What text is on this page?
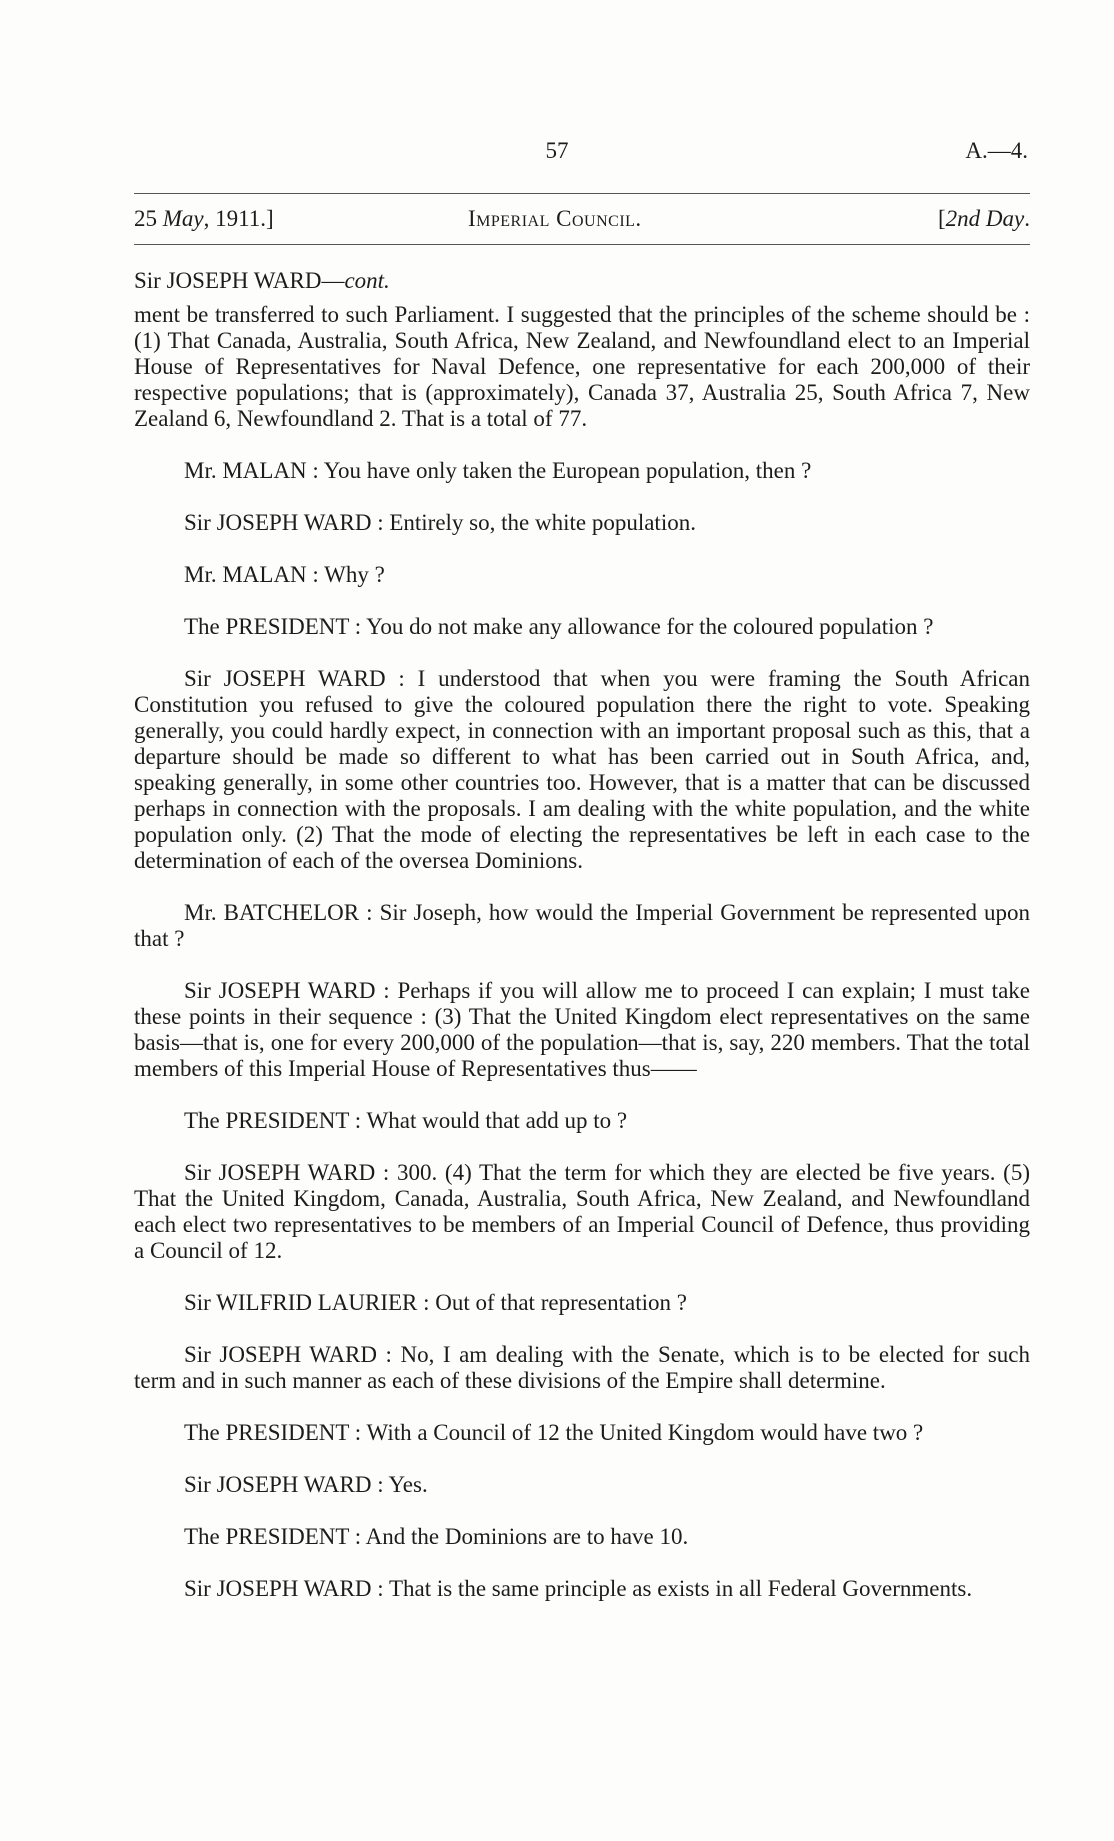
57	A.—4.
25 May, 1911.]	Imperial Council.	[2nd Day.
Sir JOSEPH WARD—cont.

ment be transferred to such Parliament. I suggested that the principles of the scheme should be : (1) That Canada, Australia, South Africa, New Zealand, and Newfoundland elect to an Imperial House of Representatives for Naval Defence, one representative for each 200,000 of their respective populations; that is (approximately), Canada 37, Australia 25, South Africa 7, New Zealand 6, Newfoundland 2. That is a total of 77.

Mr. MALAN : You have only taken the European population, then ?

Sir JOSEPH WARD : Entirely so, the white population.

Mr. MALAN : Why ?

The PRESIDENT : You do not make any allowance for the coloured population ?

Sir JOSEPH WARD : I understood that when you were framing the South African Constitution you refused to give the coloured population there the right to vote. Speaking generally, you could hardly expect, in connection with an important proposal such as this, that a departure should be made so different to what has been carried out in South Africa, and, speaking generally, in some other countries too. However, that is a matter that can be discussed perhaps in connection with the proposals. I am dealing with the white population, and the white population only. (2) That the mode of electing the representatives be left in each case to the determination of each of the oversea Dominions.

Mr. BATCHELOR : Sir Joseph, how would the Imperial Government be represented upon that ?

Sir JOSEPH WARD : Perhaps if you will allow me to proceed I can explain; I must take these points in their sequence : (3) That the United Kingdom elect representatives on the same basis—that is, one for every 200,000 of the population—that is, say, 220 members. That the total members of this Imperial House of Representatives thus——

The PRESIDENT : What would that add up to ?

Sir JOSEPH WARD : 300. (4) That the term for which they are elected be five years. (5) That the United Kingdom, Canada, Australia, South Africa, New Zealand, and Newfoundland each elect two representatives to be members of an Imperial Council of Defence, thus providing a Council of 12.

Sir WILFRID LAURIER : Out of that representation ?

Sir JOSEPH WARD : No, I am dealing with the Senate, which is to be elected for such term and in such manner as each of these divisions of the Empire shall determine.

The PRESIDENT : With a Council of 12 the United Kingdom would have two ?

Sir JOSEPH WARD : Yes.

The PRESIDENT : And the Dominions are to have 10.

Sir JOSEPH WARD : That is the same principle as exists in all Federal Governments.
